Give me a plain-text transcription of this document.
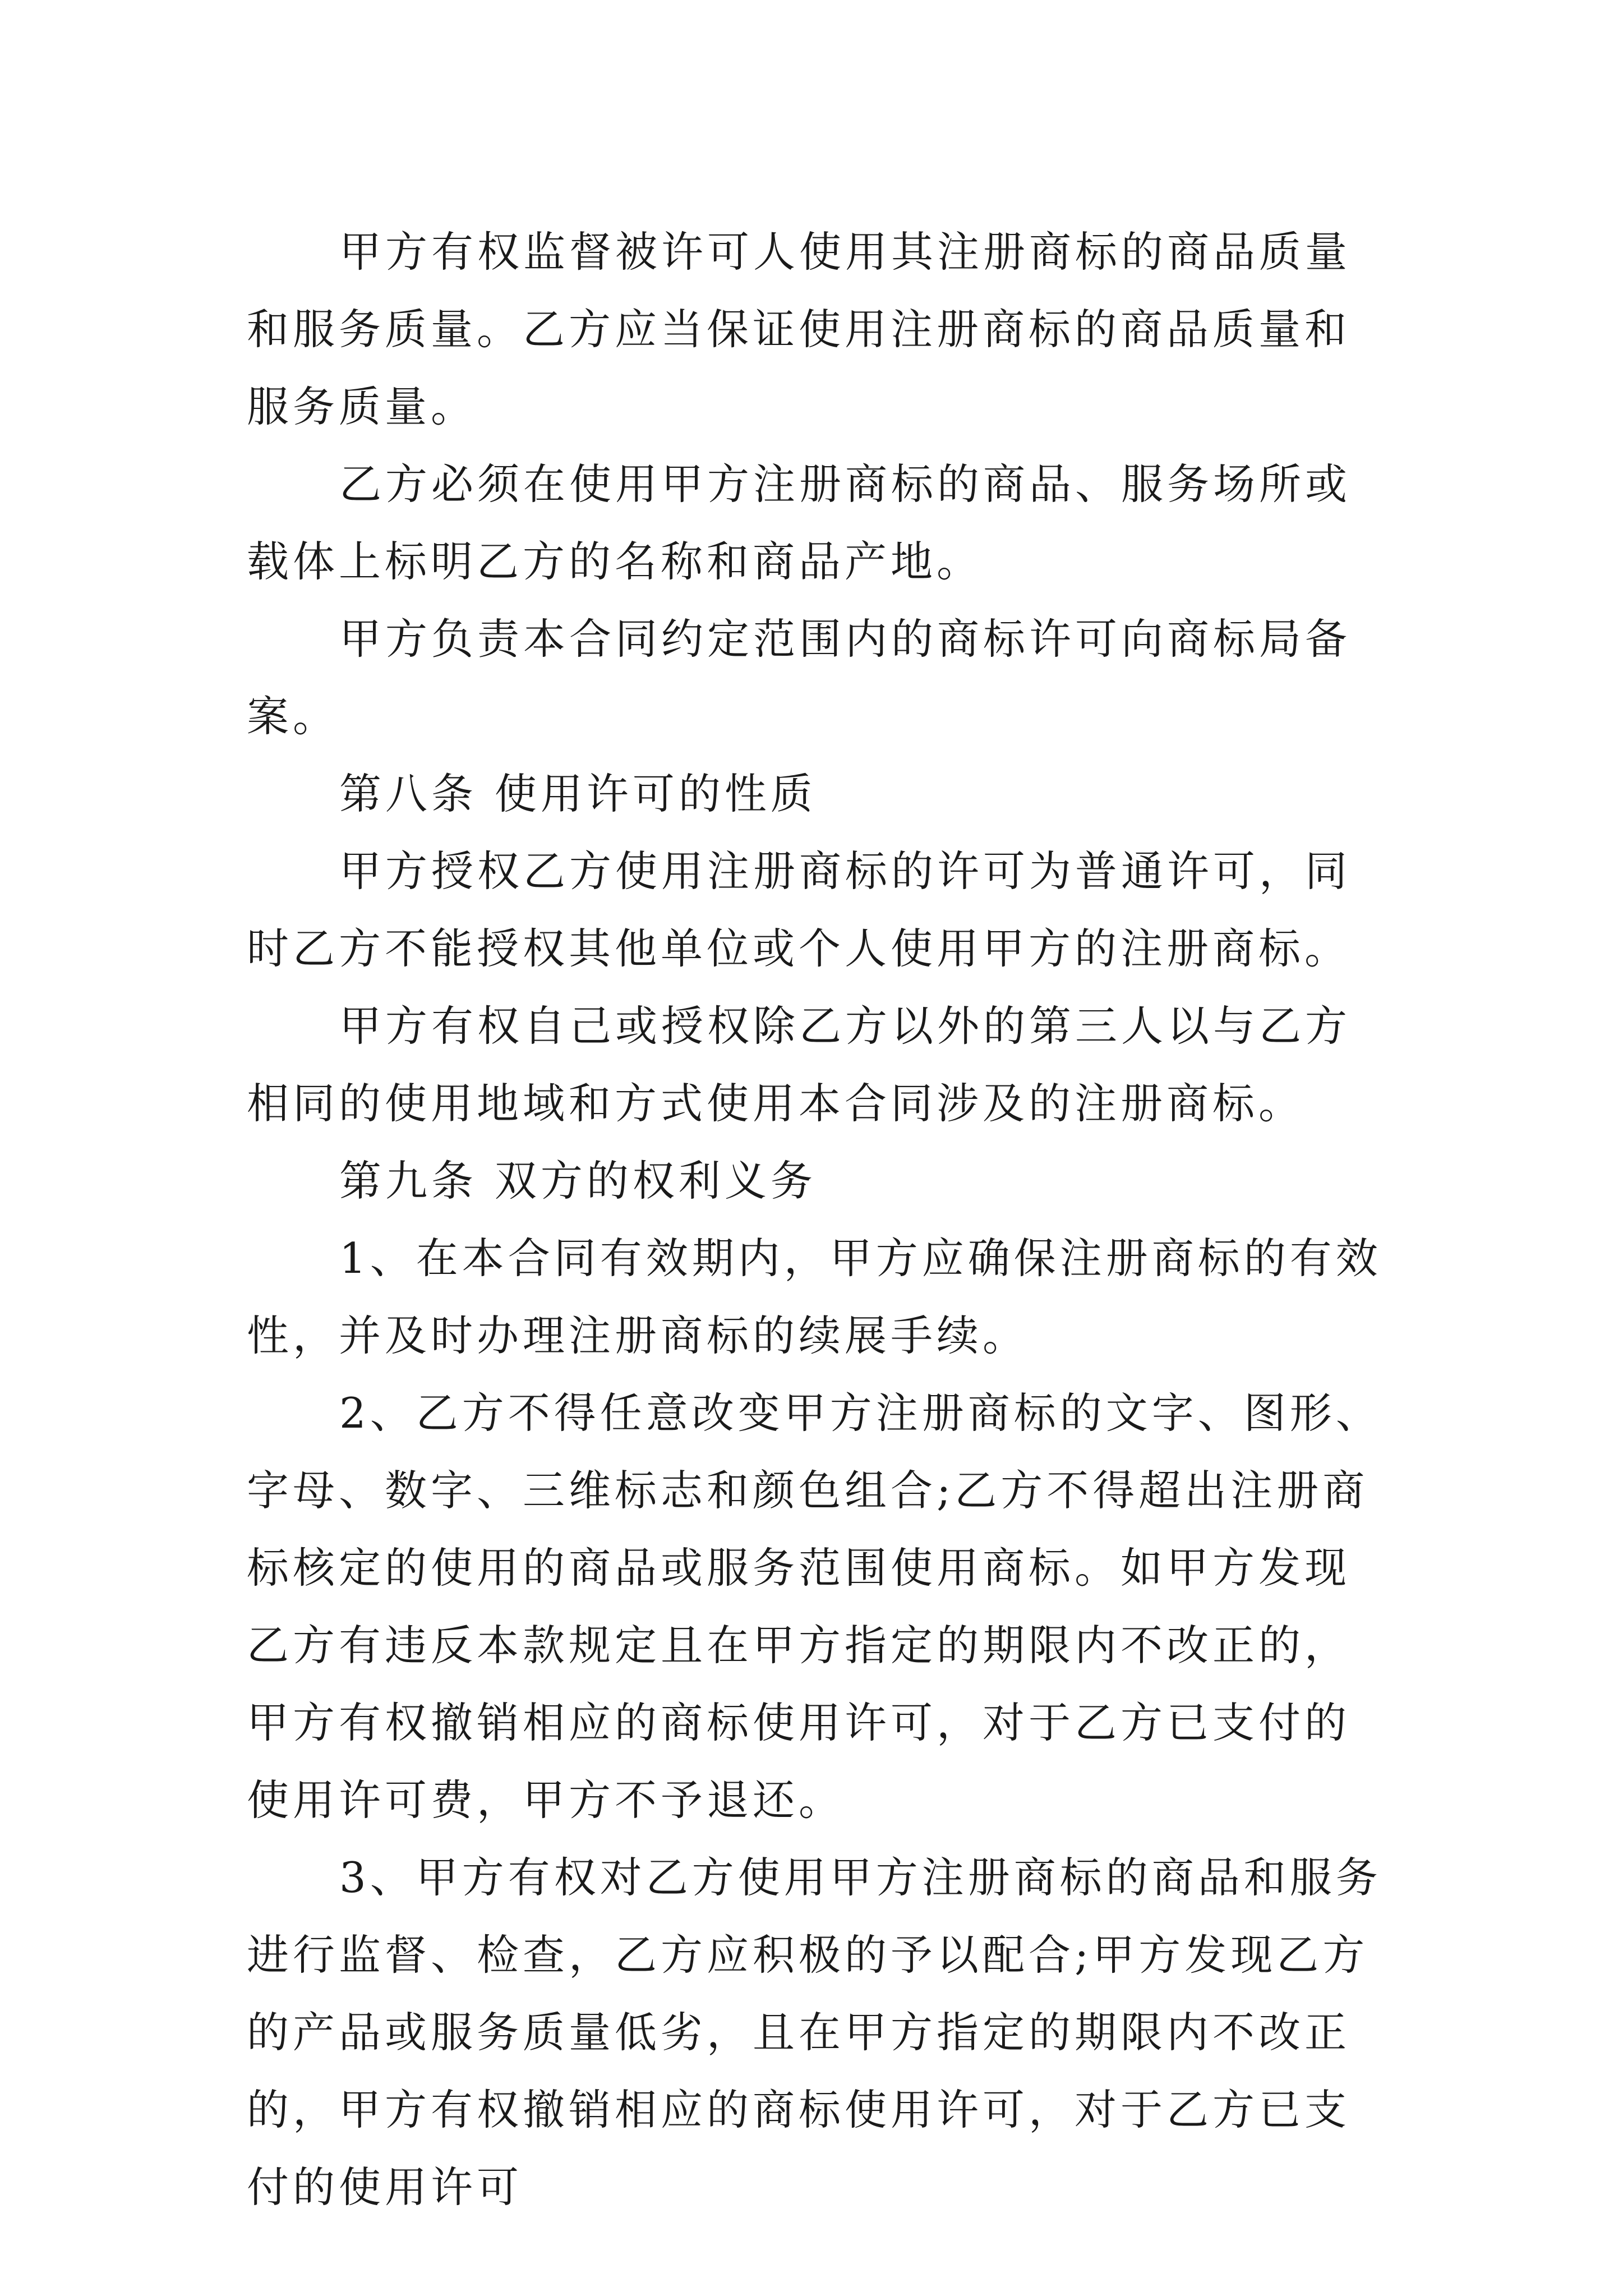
甲方有权监督被许可人使用其注册商标的商品质量和服务质量。乙方应当保证使用注册商标的商品质量和服务质量。

乙方必须在使用甲方注册商标的商品、服务场所或载体上标明乙方的名称和商品产地。

甲方负责本合同约定范围内的商标许可向商标局备案。

第八条 使用许可的性质

甲方授权乙方使用注册商标的许可为普通许可，同时乙方不能授权其他单位或个人使用甲方的注册商标。

甲方有权自己或授权除乙方以外的第三人以与乙方相同的使用地域和方式使用本合同涉及的注册商标。

第九条 双方的权利义务

1、在本合同有效期内，甲方应确保注册商标的有效性，并及时办理注册商标的续展手续。

2、乙方不得任意改变甲方注册商标的文字、图形、字母、数字、三维标志和颜色组合;乙方不得超出注册商标核定的使用的商品或服务范围使用商标。如甲方发现乙方有违反本款规定且在甲方指定的期限内不改正的，甲方有权撤销相应的商标使用许可，对于乙方已支付的使用许可费，甲方不予退还。

3、甲方有权对乙方使用甲方注册商标的商品和服务进行监督、检查，乙方应积极的予以配合;甲方发现乙方的产品或服务质量低劣，且在甲方指定的期限内不改正的，甲方有权撤销相应的商标使用许可，对于乙方已支付的使用许可
